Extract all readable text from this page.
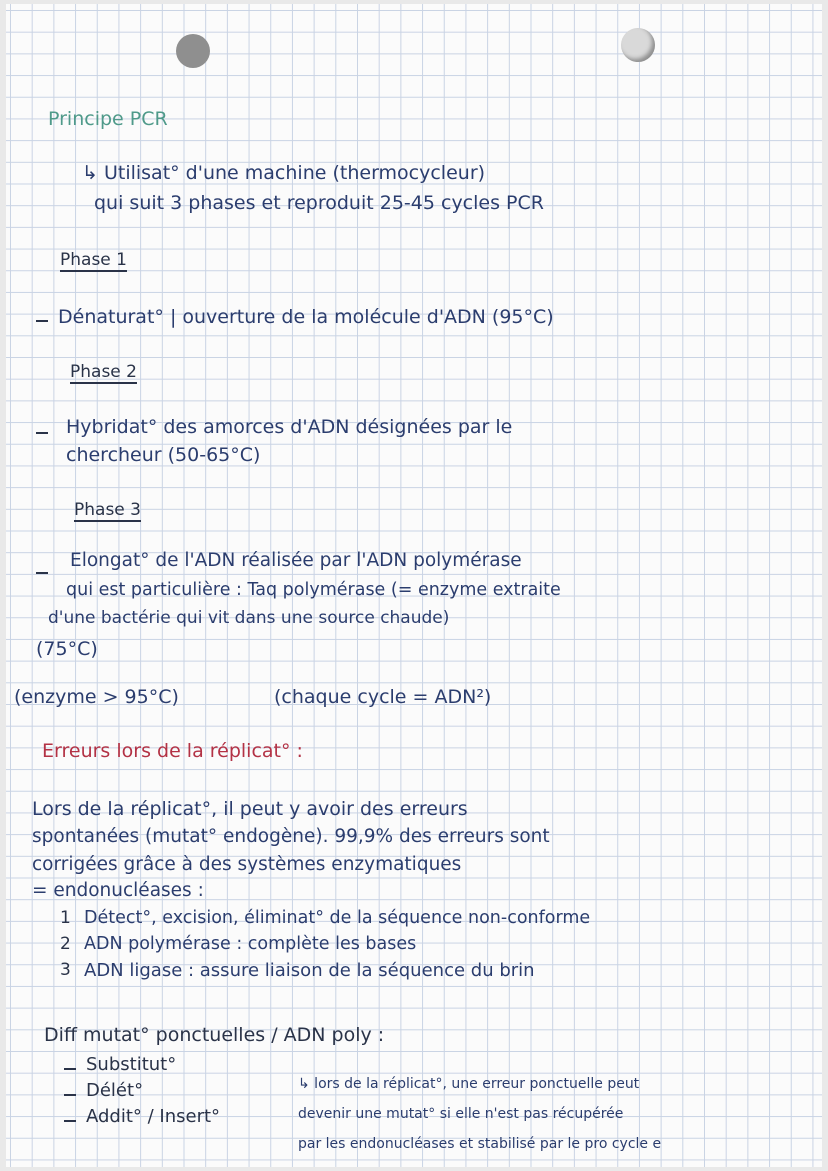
Principe PCR

↳ Utilisat° d'une machine (thermocycleur)

qui suit 3 phases et reproduit 25-45 cycles PCR

Phase 1

Dénaturat° | ouverture de la molécule d'ADN (95°C)

Phase 2

Hybridat° des amorces d'ADN désignées par le

chercheur (50-65°C)

Phase 3

Elongat° de l'ADN réalisée par l'ADN polymérase

qui est particulière : Taq polymérase (= enzyme extraite

d'une bactérie qui vit dans une source chaude)

(75°C)

(enzyme > 95°C)	(chaque cycle = ADN²)

Erreurs lors de la réplicat° :

Lors de la réplicat°, il peut y avoir des erreurs

spontanées (mutat° endogène). 99,9% des erreurs sont

corrigées grâce à des systèmes enzymatiques

= endonucléases :

1 Détect°, excision, éliminat° de la séquence non-conforme

2 ADN polymérase : complète les bases

3 ADN ligase : assure liaison de la séquence du brin

Diff mutat° ponctuelles / ADN poly :

Substitut°

Délét°

Addit° / Insert°

↳ lors de la réplicat°, une erreur ponctuelle peut

devenir une mutat° si elle n'est pas récupérée

par les endonucléases et stabilisé par le pro cycle e
